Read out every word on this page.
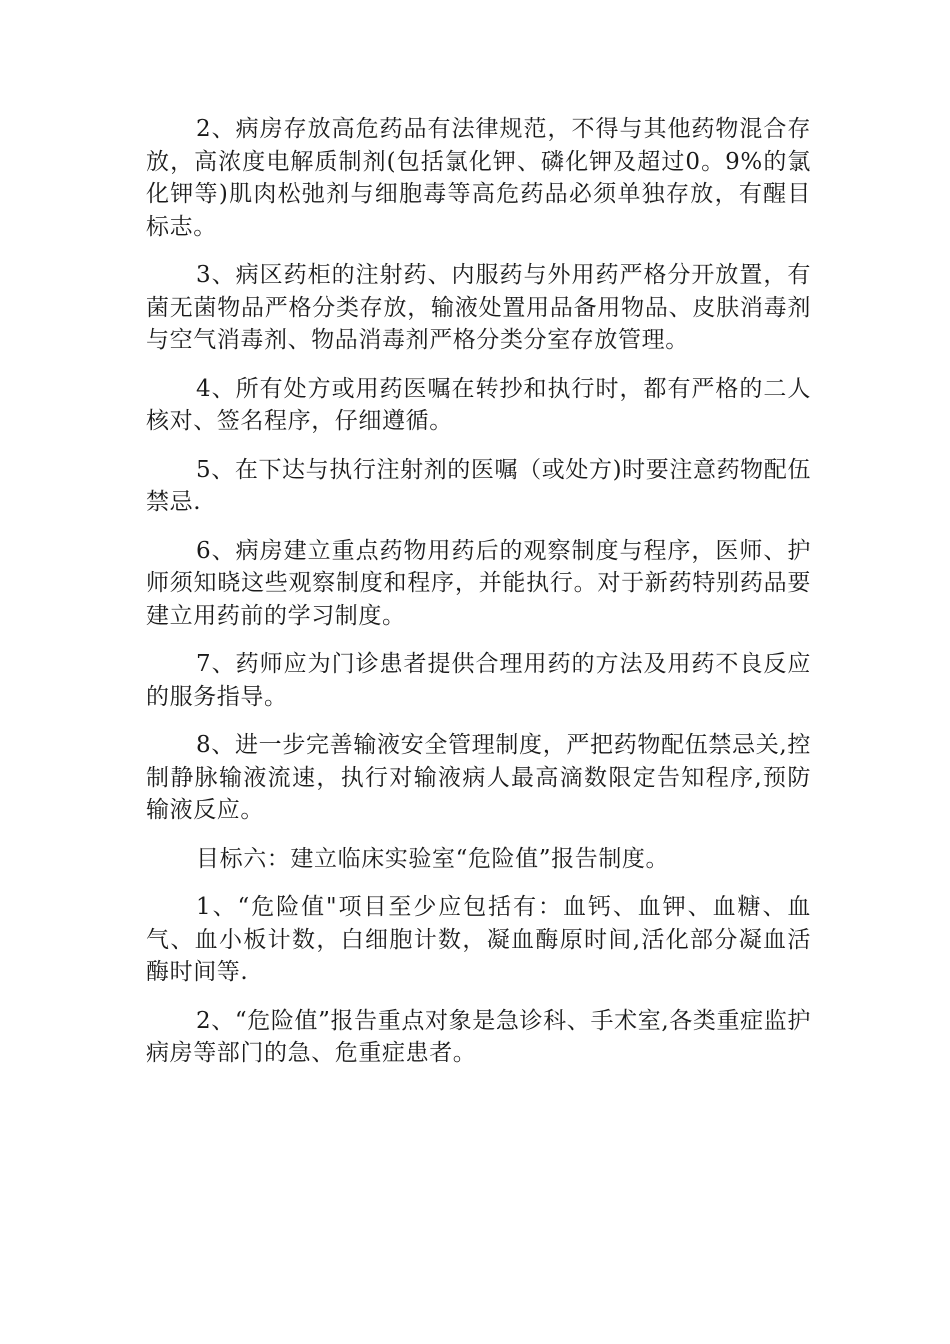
2、病房存放高危药品有法律规范，不得与其他药物混合存放，高浓度电解质制剂(包括氯化钾、磷化钾及超过0。9%的氯化钾等)肌肉松弛剂与细胞毒等高危药品必须单独存放，有醒目标志。

3、病区药柜的注射药、内服药与外用药严格分开放置，有菌无菌物品严格分类存放，输液处置用品备用物品、皮肤消毒剂与空气消毒剂、物品消毒剂严格分类分室存放管理。

4、所有处方或用药医嘱在转抄和执行时，都有严格的二人核对、签名程序，仔细遵循。

5、在下达与执行注射剂的医嘱（或处方)时要注意药物配伍禁忌.

6、病房建立重点药物用药后的观察制度与程序，医师、护师须知晓这些观察制度和程序，并能执行。对于新药特别药品要建立用药前的学习制度。

7、药师应为门诊患者提供合理用药的方法及用药不良反应的服务指导。

8、进一步完善输液安全管理制度，严把药物配伍禁忌关,控制静脉输液流速，执行对输液病人最高滴数限定告知程序,预防输液反应。

目标六：建立临床实验室“危险值”报告制度。

1、“危险值"项目至少应包括有：血钙、血钾、血糖、血气、血小板计数，白细胞计数，凝血酶原时间,活化部分凝血活酶时间等.

2、“危险值”报告重点对象是急诊科、手术室,各类重症监护病房等部门的急、危重症患者。
